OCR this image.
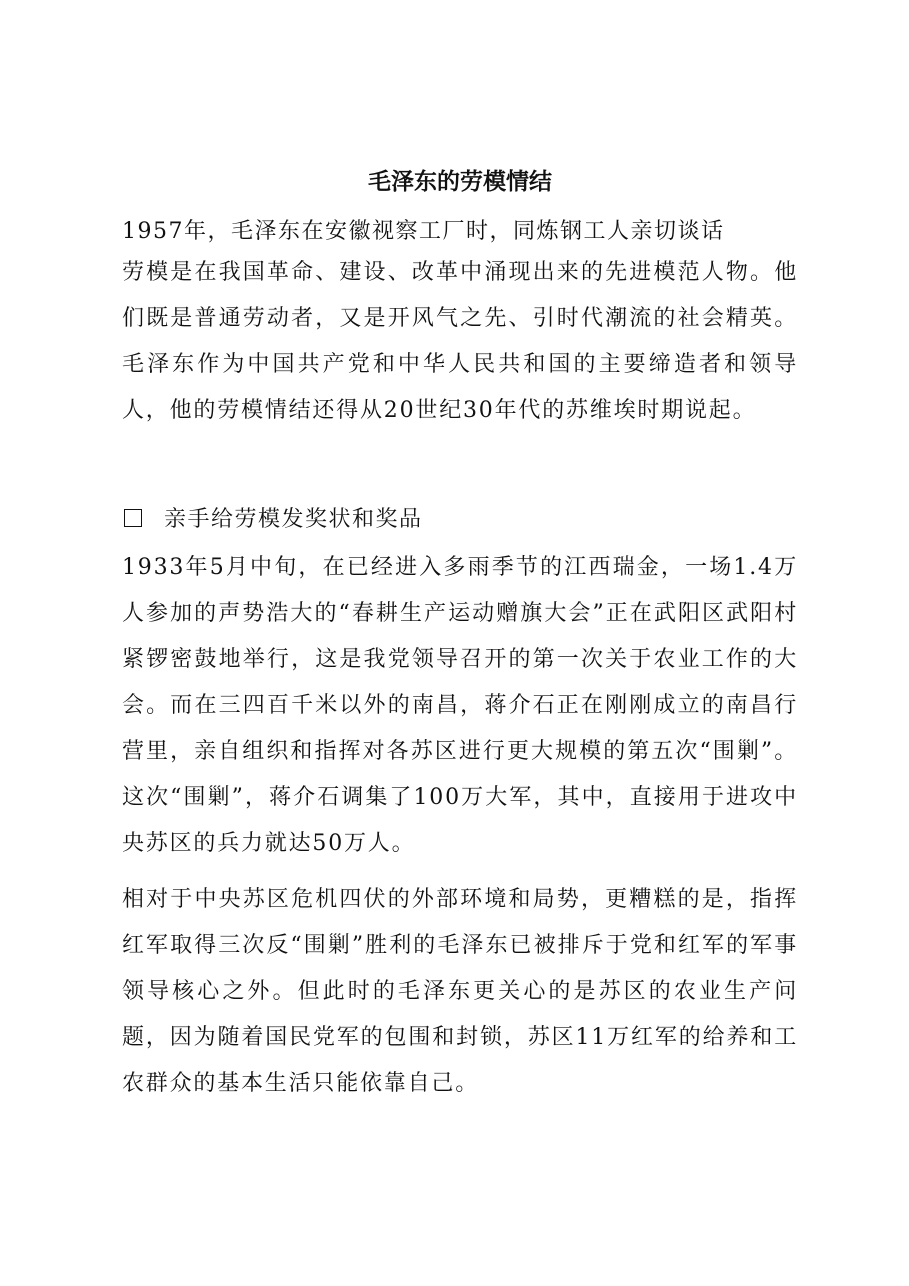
毛泽东的劳模情结
1957年，毛泽东在安徽视察工厂时，同炼钢工人亲切谈话
劳模是在我国革命、建设、改革中涌现出来的先进模范人物。他们既是普通劳动者，又是开风气之先、引时代潮流的社会精英。毛泽东作为中国共产党和中华人民共和国的主要缔造者和领导人，他的劳模情结还得从20世纪30年代的苏维埃时期说起。
亲手给劳模发奖状和奖品
1933年5月中旬，在已经进入多雨季节的江西瑞金，一场1.4万人参加的声势浩大的“春耕生产运动赠旗大会”正在武阳区武阳村紧锣密鼓地举行，这是我党领导召开的第一次关于农业工作的大会。而在三四百千米以外的南昌，蒋介石正在刚刚成立的南昌行营里，亲自组织和指挥对各苏区进行更大规模的第五次“围剿”。这次“围剿”，蒋介石调集了100万大军，其中，直接用于进攻中央苏区的兵力就达50万人。
相对于中央苏区危机四伏的外部环境和局势，更糟糕的是，指挥红军取得三次反“围剿”胜利的毛泽东已被排斥于党和红军的军事领导核心之外。但此时的毛泽东更关心的是苏区的农业生产问题，因为随着国民党军的包围和封锁，苏区11万红军的给养和工农群众的基本生活只能依靠自己。
